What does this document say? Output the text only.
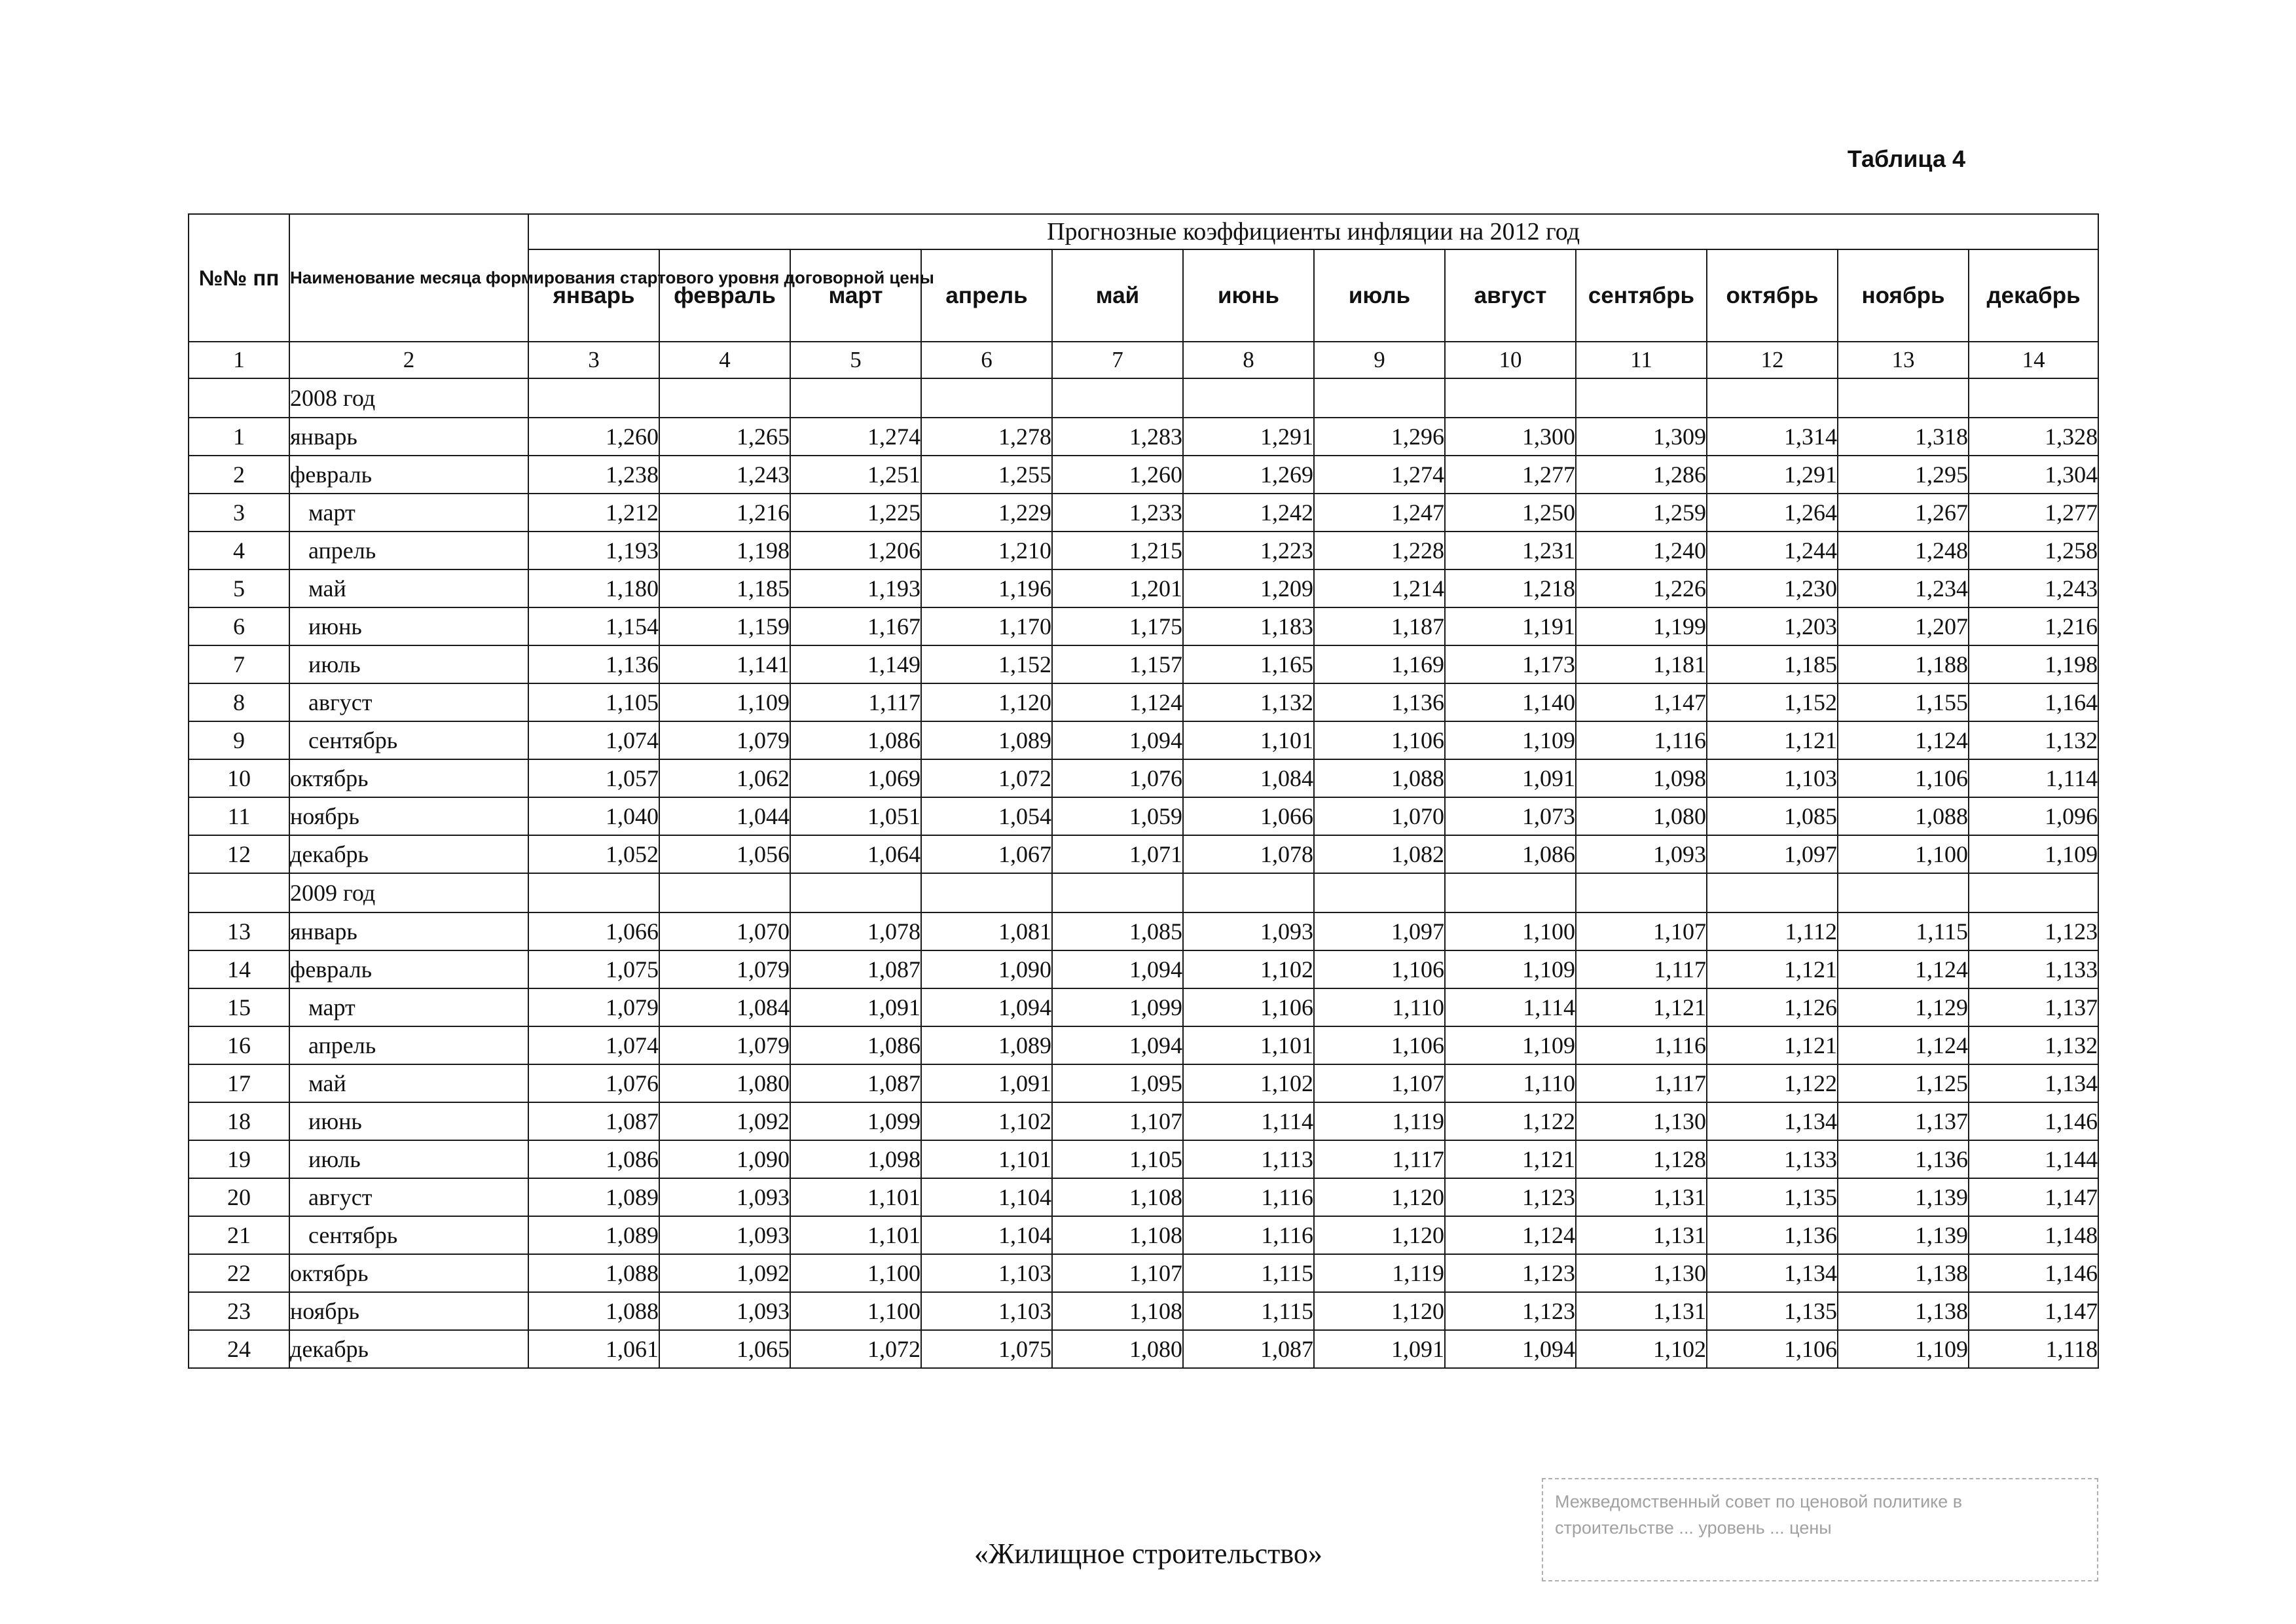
Таблица 4
№№ пп	Наименование месяца формирования стартового уровня договорной цены	Прогнозные коэффициенты инфляции на 2012 год											
		январь	февраль	март	апрель	май	июнь	июль	август	сентябрь	октябрь	ноябрь	декабрь
1	2	3	4	5	6	7	8	9	10	11	12	13	14
	2008 год												
1	январь	1,260	1,265	1,274	1,278	1,283	1,291	1,296	1,300	1,309	1,314	1,318	1,328
2	февраль	1,238	1,243	1,251	1,255	1,260	1,269	1,274	1,277	1,286	1,291	1,295	1,304
3	март	1,212	1,216	1,225	1,229	1,233	1,242	1,247	1,250	1,259	1,264	1,267	1,277
4	апрель	1,193	1,198	1,206	1,210	1,215	1,223	1,228	1,231	1,240	1,244	1,248	1,258
5	май	1,180	1,185	1,193	1,196	1,201	1,209	1,214	1,218	1,226	1,230	1,234	1,243
6	июнь	1,154	1,159	1,167	1,170	1,175	1,183	1,187	1,191	1,199	1,203	1,207	1,216
7	июль	1,136	1,141	1,149	1,152	1,157	1,165	1,169	1,173	1,181	1,185	1,188	1,198
8	август	1,105	1,109	1,117	1,120	1,124	1,132	1,136	1,140	1,147	1,152	1,155	1,164
9	сентябрь	1,074	1,079	1,086	1,089	1,094	1,101	1,106	1,109	1,116	1,121	1,124	1,132
10	октябрь	1,057	1,062	1,069	1,072	1,076	1,084	1,088	1,091	1,098	1,103	1,106	1,114
11	ноябрь	1,040	1,044	1,051	1,054	1,059	1,066	1,070	1,073	1,080	1,085	1,088	1,096
12	декабрь	1,052	1,056	1,064	1,067	1,071	1,078	1,082	1,086	1,093	1,097	1,100	1,109
	2009 год												
13	январь	1,066	1,070	1,078	1,081	1,085	1,093	1,097	1,100	1,107	1,112	1,115	1,123
14	февраль	1,075	1,079	1,087	1,090	1,094	1,102	1,106	1,109	1,117	1,121	1,124	1,133
15	март	1,079	1,084	1,091	1,094	1,099	1,106	1,110	1,114	1,121	1,126	1,129	1,137
16	апрель	1,074	1,079	1,086	1,089	1,094	1,101	1,106	1,109	1,116	1,121	1,124	1,132
17	май	1,076	1,080	1,087	1,091	1,095	1,102	1,107	1,110	1,117	1,122	1,125	1,134
18	июнь	1,087	1,092	1,099	1,102	1,107	1,114	1,119	1,122	1,130	1,134	1,137	1,146
19	июль	1,086	1,090	1,098	1,101	1,105	1,113	1,117	1,121	1,128	1,133	1,136	1,144
20	август	1,089	1,093	1,101	1,104	1,108	1,116	1,120	1,123	1,131	1,135	1,139	1,147
21	сентябрь	1,089	1,093	1,101	1,104	1,108	1,116	1,120	1,124	1,131	1,136	1,139	1,148
22	октябрь	1,088	1,092	1,100	1,103	1,107	1,115	1,119	1,123	1,130	1,134	1,138	1,146
23	ноябрь	1,088	1,093	1,100	1,103	1,108	1,115	1,120	1,123	1,131	1,135	1,138	1,147
24	декабрь	1,061	1,065	1,072	1,075	1,080	1,087	1,091	1,094	1,102	1,106	1,109	1,118
«Жилищное строительство»
Межведомственный совет по ценовой политике в
строительстве ... уровень ... цены
